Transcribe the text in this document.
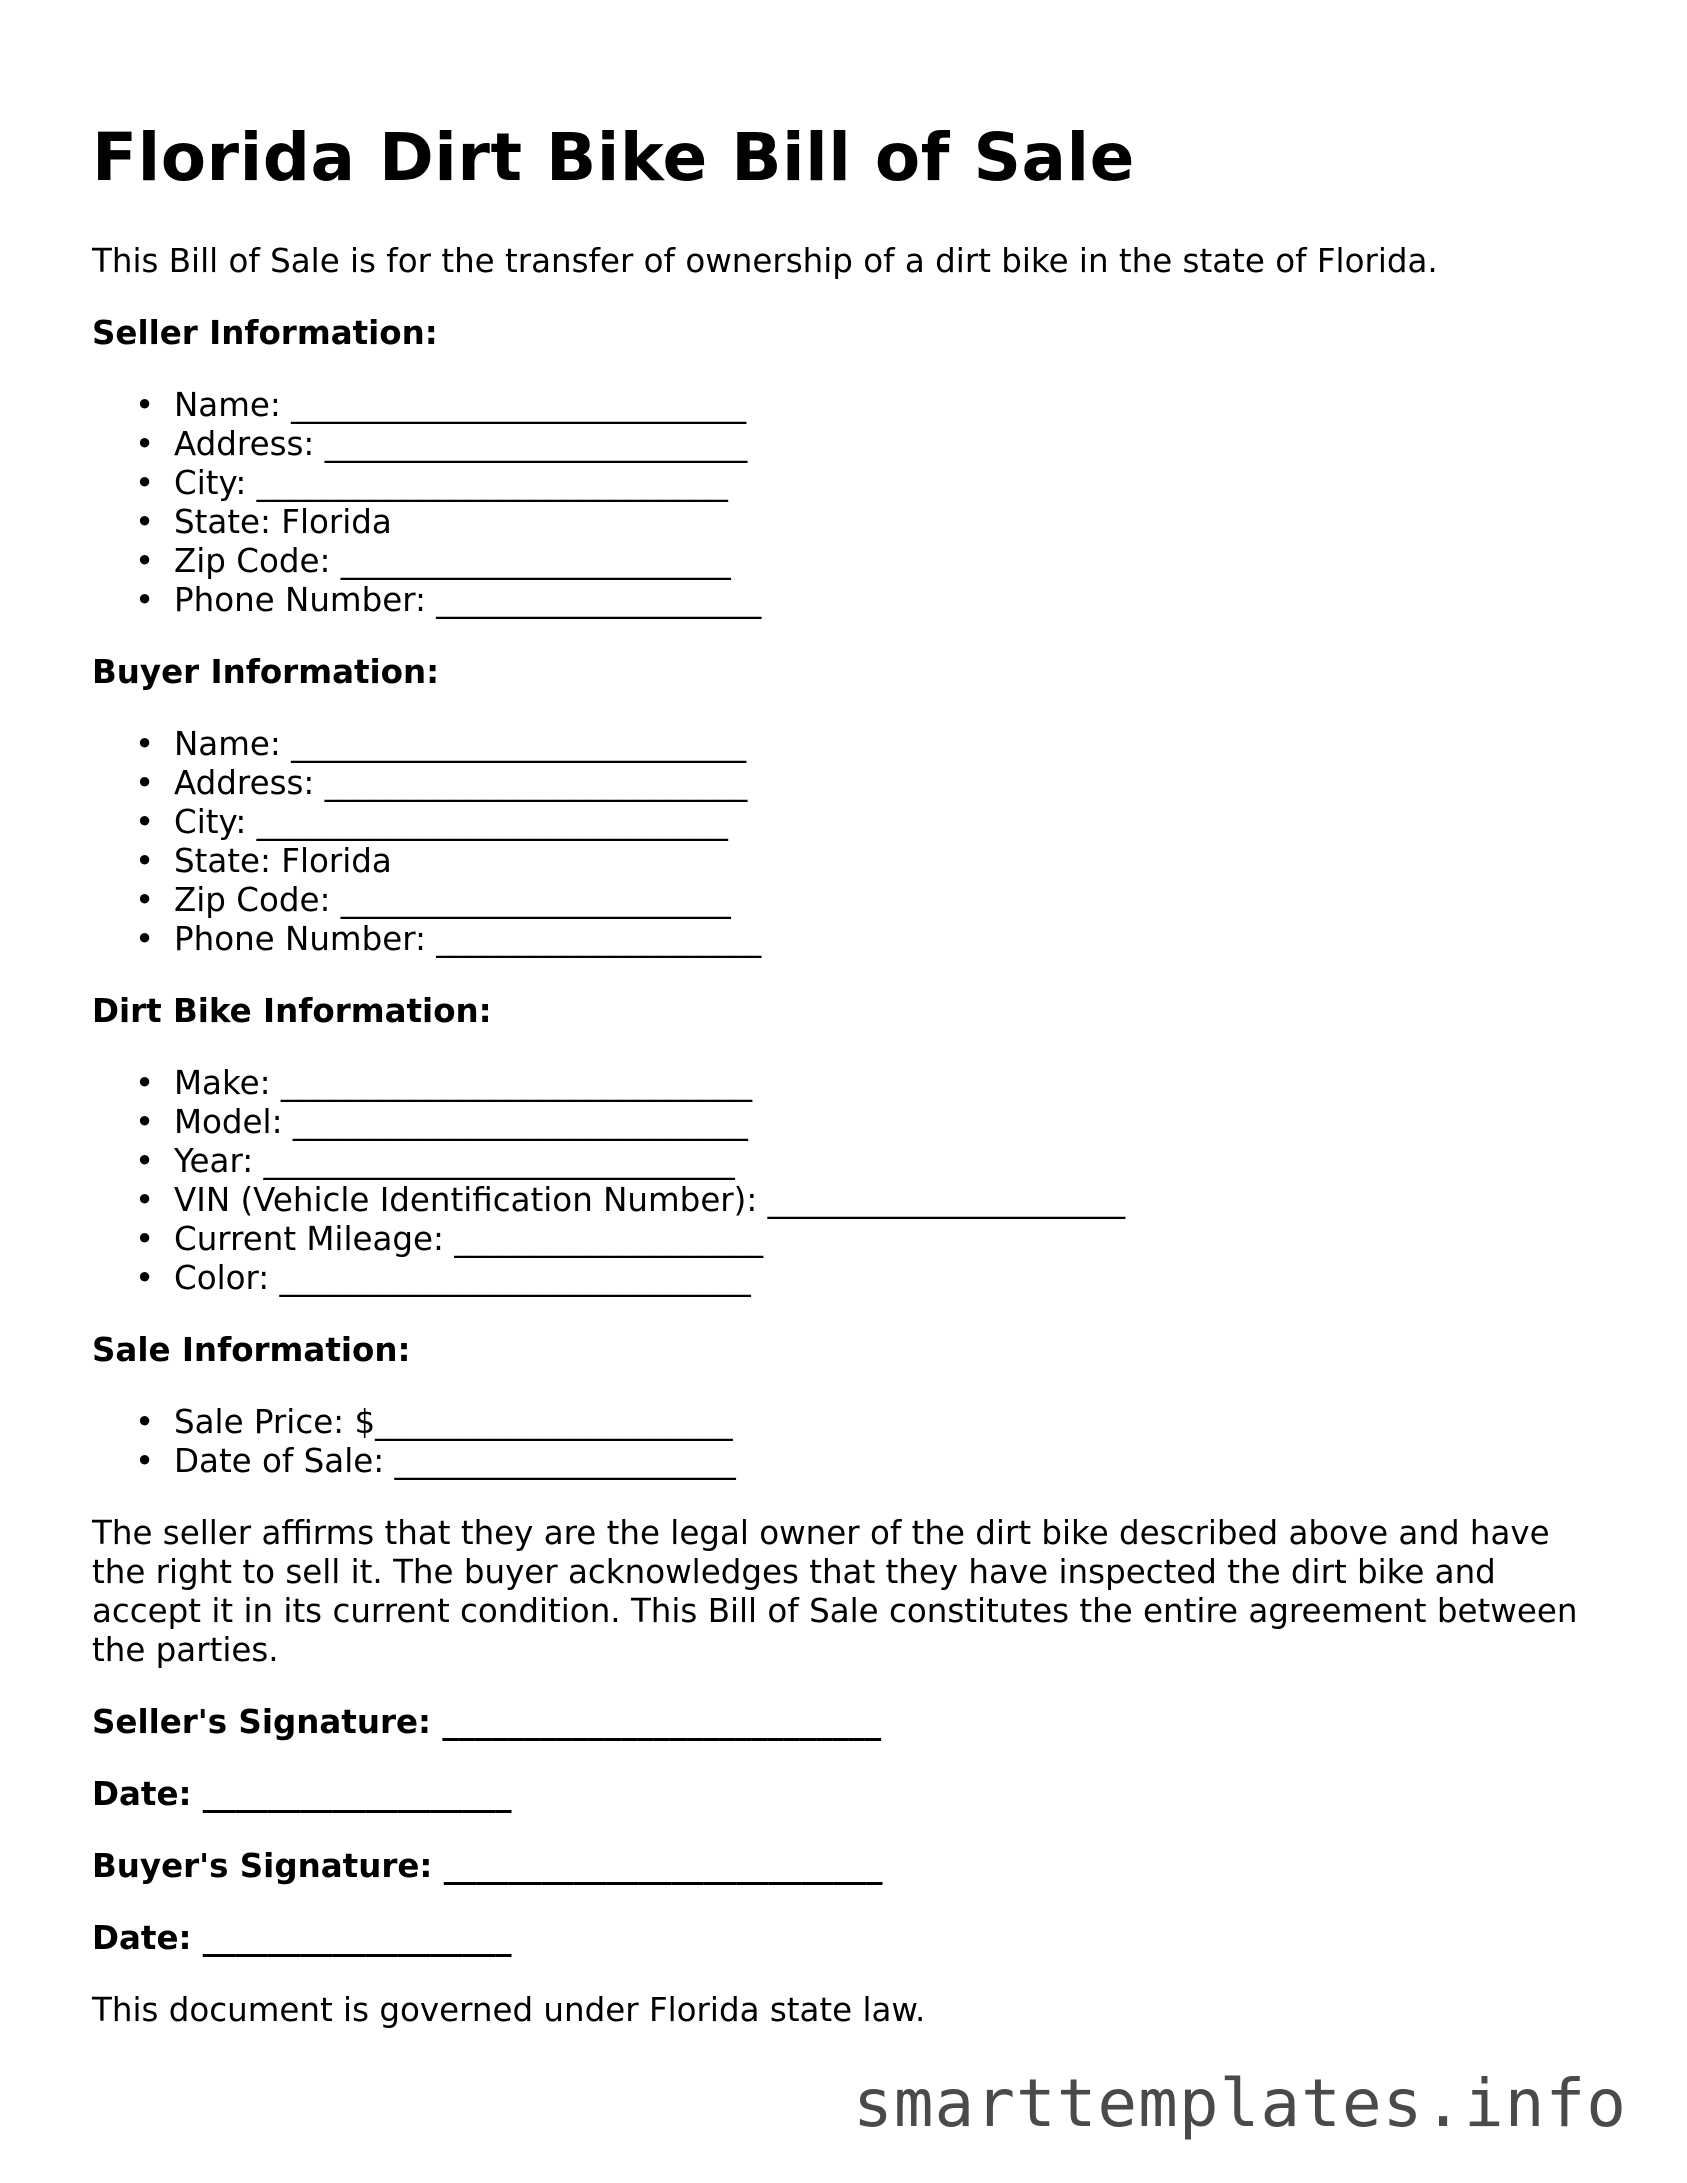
Florida Dirt Bike Bill of Sale

This Bill of Sale is for the transfer of ownership of a dirt bike in the state of Florida.

Seller Information:
• Name: ____________________________
• Address: __________________________
• City: _____________________________
• State: Florida
• Zip Code: ________________________
• Phone Number: ____________________
Buyer Information:
• Name: ____________________________
• Address: __________________________
• City: _____________________________
• State: Florida
• Zip Code: ________________________
• Phone Number: ____________________
Dirt Bike Information:
• Make: _____________________________
• Model: ____________________________
• Year: _____________________________
• VIN (Vehicle Identification Number): ______________________
• Current Mileage: ___________________
• Color: _____________________________
Sale Information:
• Sale Price: $______________________
• Date of Sale: _____________________

The seller affirms that they are the legal owner of the dirt bike described above and have the right to sell it. The buyer acknowledges that they have inspected the dirt bike and accept it in its current condition. This Bill of Sale constitutes the entire agreement between the parties.

Seller's Signature: ___________________________
Date: ___________________
Buyer's Signature: ___________________________
Date: ___________________

This document is governed under Florida state law.

smarttemplates.info
